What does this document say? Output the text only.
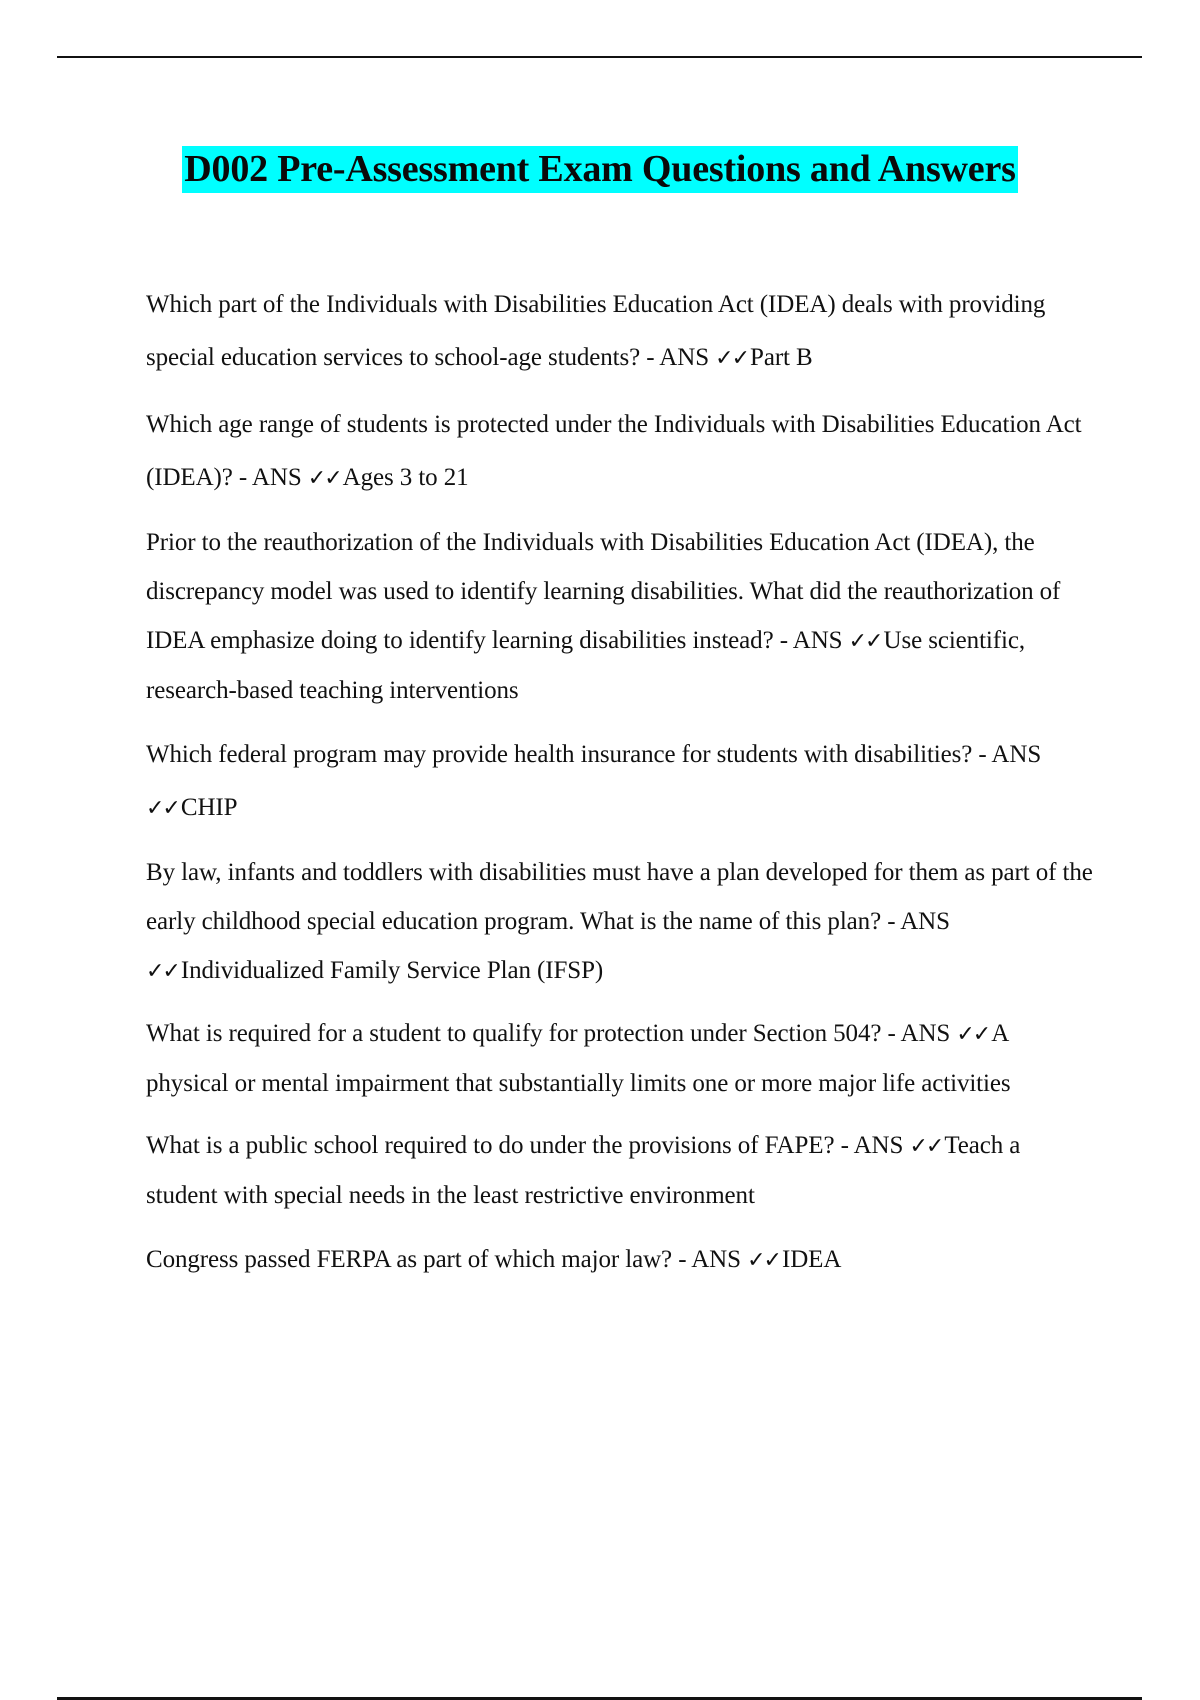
D002 Pre-Assessment Exam Questions and Answers

Which part of the Individuals with Disabilities Education Act (IDEA) deals with providing special education services to school-age students? - ANS ✓✓Part B

Which age range of students is protected under the Individuals with Disabilities Education Act (IDEA)? - ANS ✓✓Ages 3 to 21

Prior to the reauthorization of the Individuals with Disabilities Education Act (IDEA), the discrepancy model was used to identify learning disabilities. What did the reauthorization of IDEA emphasize doing to identify learning disabilities instead? - ANS ✓✓Use scientific, research-based teaching interventions

Which federal program may provide health insurance for students with disabilities? - ANS ✓✓CHIP

By law, infants and toddlers with disabilities must have a plan developed for them as part of the early childhood special education program. What is the name of this plan? - ANS ✓✓Individualized Family Service Plan (IFSP)

What is required for a student to qualify for protection under Section 504? - ANS ✓✓A physical or mental impairment that substantially limits one or more major life activities

What is a public school required to do under the provisions of FAPE? - ANS ✓✓Teach a student with special needs in the least restrictive environment

Congress passed FERPA as part of which major law? - ANS ✓✓IDEA
